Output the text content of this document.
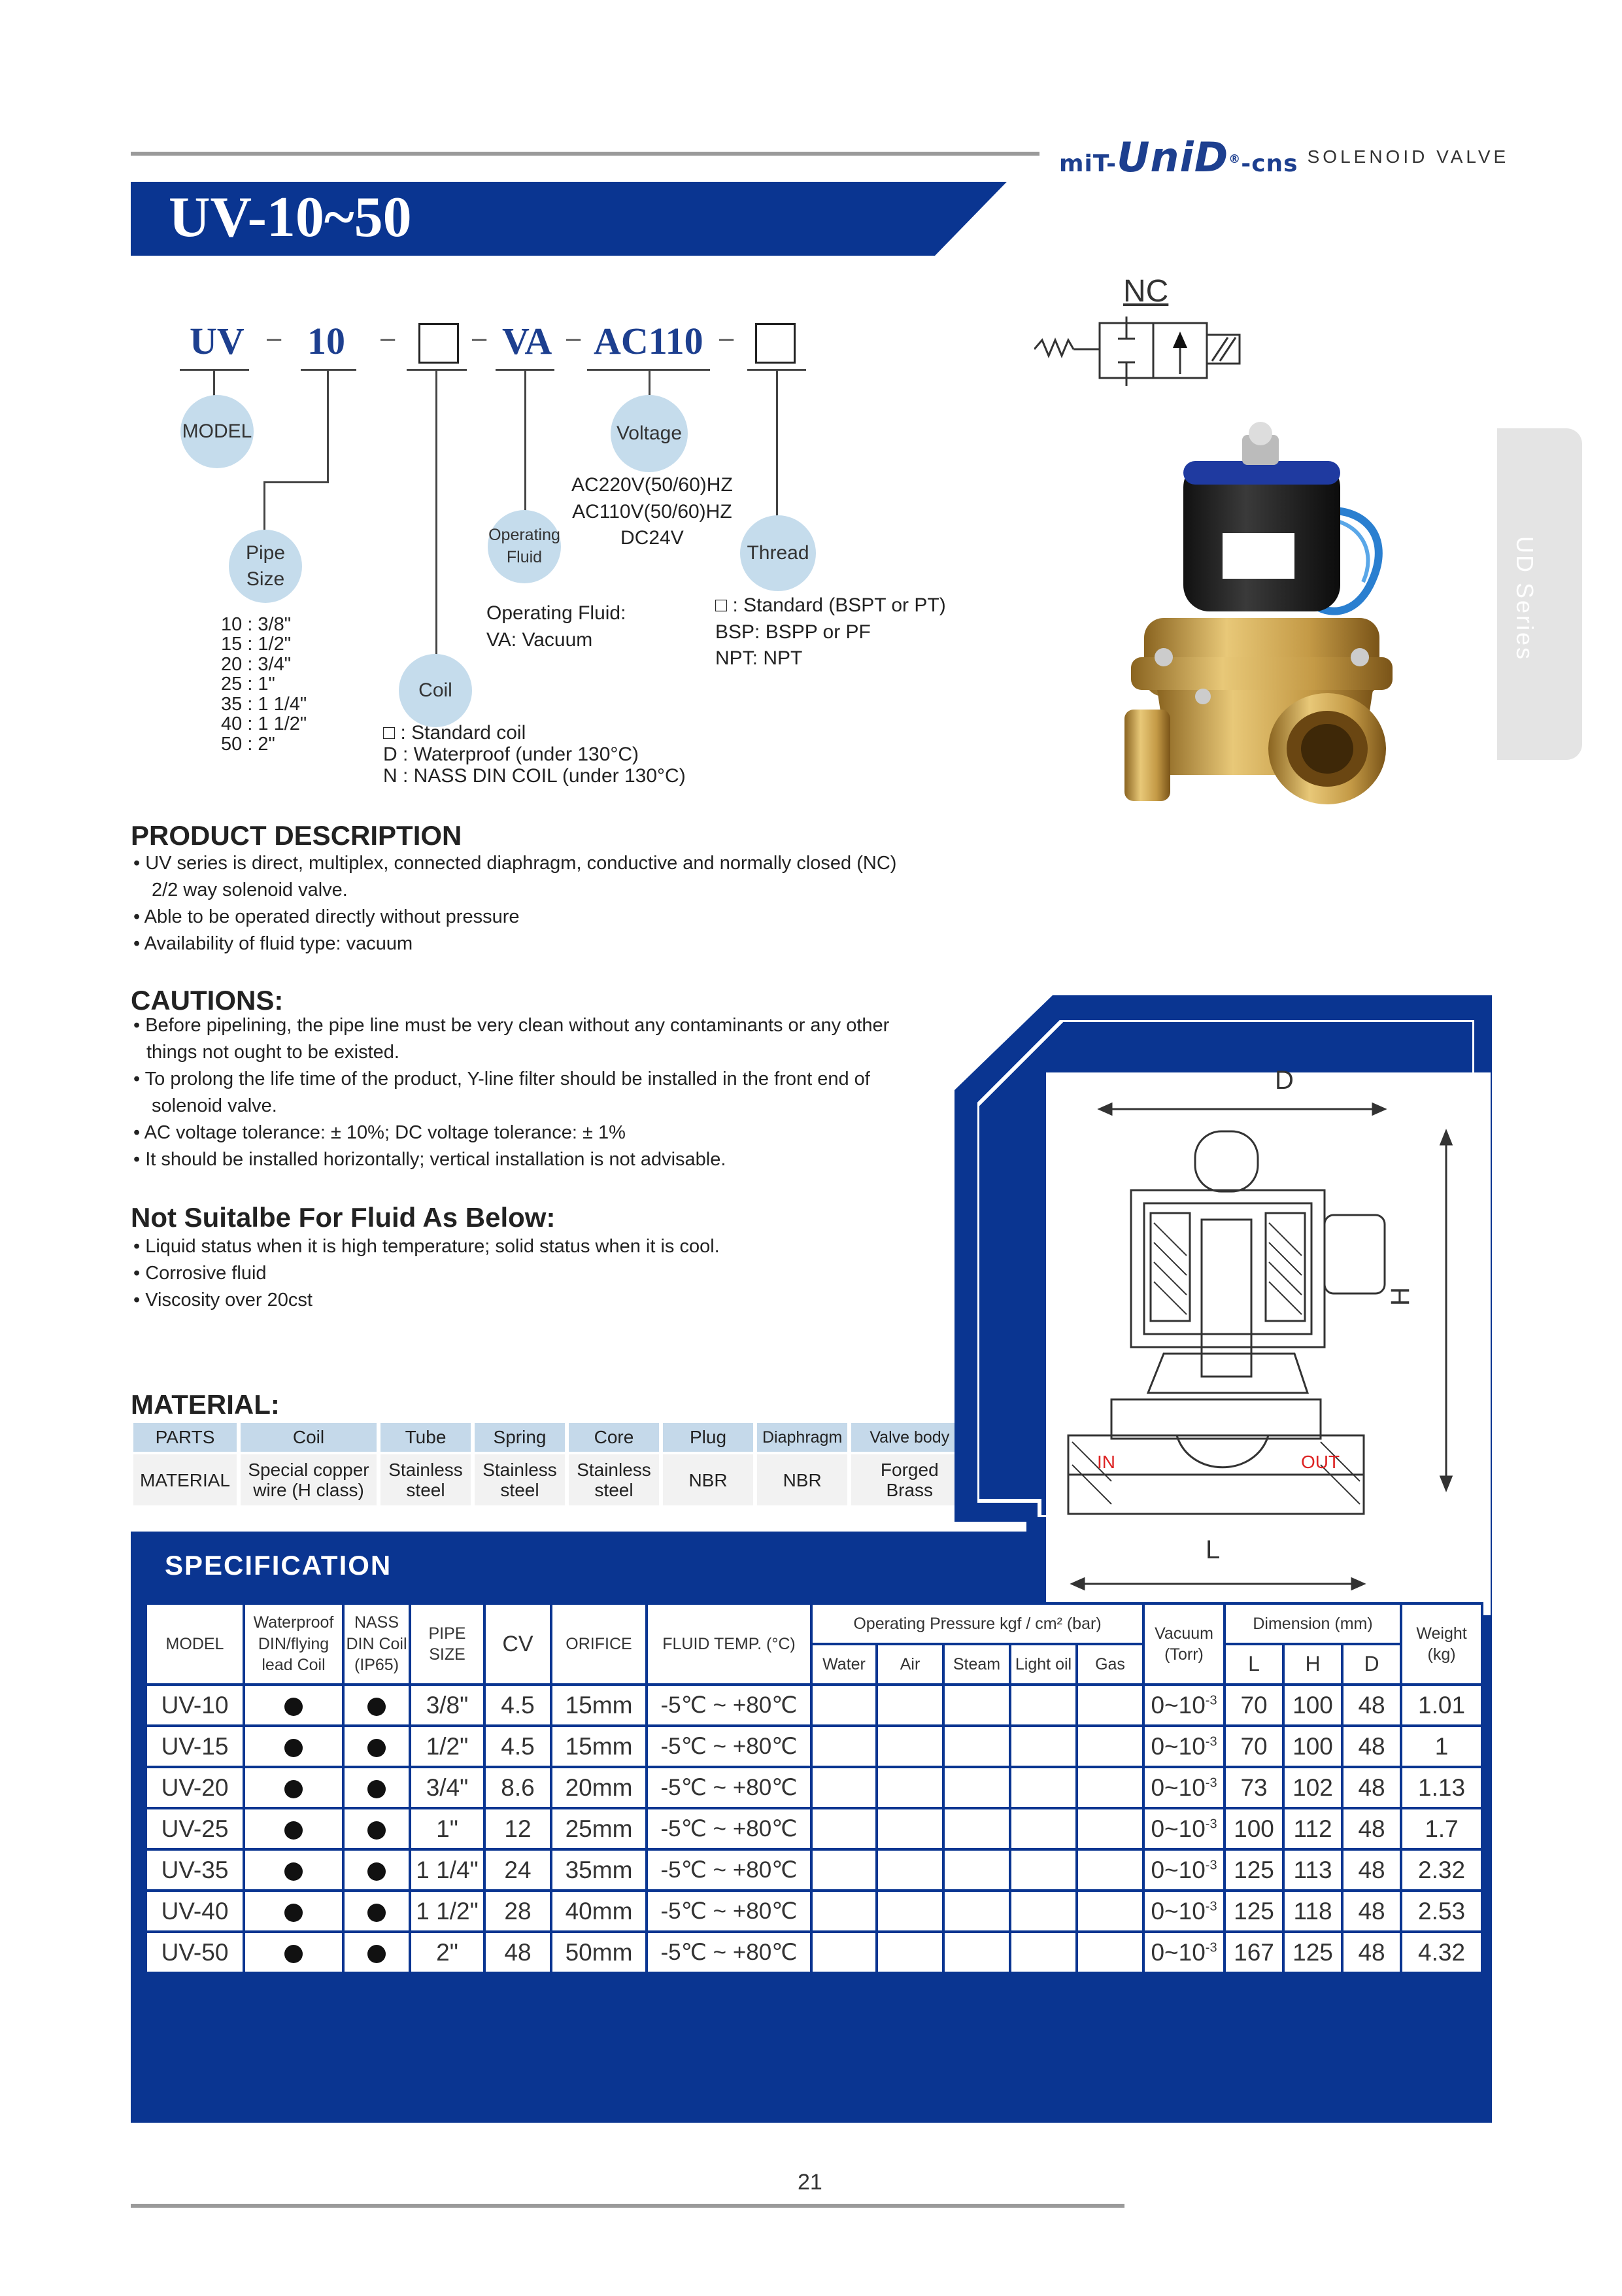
miT-UniD®-cns SOLENOID VALVE
UV-10~50
UD Series
UV – 10 –	– VA – AC110 –
MODEL
Pipe
Size
Operating
Fluid
Coil
Voltage
Thread
10 : 3/8"
15 : 1/2"
20 : 3/4"
25 : 1"
35 : 1 1/4"
40 : 1 1/2"
50 : 2"
Operating Fluid:
VA: Vacuum
AC220V(50/60)HZ
AC110V(50/60)HZ
DC24V
□ : Standard (BSPT or PT)
BSP: BSPP or PF
NPT: NPT
□ : Standard coil
D : Waterproof (under 130°C)
N : NASS DIN COIL (under 130°C)
NC
PRODUCT DESCRIPTION
• UV series is direct, multiplex, connected diaphragm, conductive and normally closed (NC)
2/2 way solenoid valve.
• Able to be operated directly without pressure
• Availability of fluid type: vacuum
CAUTIONS:
• Before pipelining, the pipe line must be very clean without any contaminants or any other
things not ought to be existed.
• To prolong the life time of the product, Y-line filter should be installed in the front end of
solenoid valve.
• AC voltage tolerance: ± 10%; DC voltage tolerance: ± 1%
• It should be installed horizontally; vertical installation is not advisable.
Not Suitalbe For Fluid As Below:
• Liquid status when it is high temperature; solid status when it is cool.
• Corrosive fluid
• Viscosity over 20cst
MATERIAL:
PARTS	Coil	Tube	Spring	Core	Plug	Diaphragm	Valve body
MATERIAL	Special copper wire (H class)	Stainless steel	Stainless steel	Stainless steel	NBR	NBR	Forged Brass
D
H
L
IN	OUT
SPECIFICATION
MODEL	Waterproof DIN/flying lead Coil	NASS DIN Coil (IP65)	PIPE SIZE	CV	ORIFICE	FLUID TEMP. (°C)	Operating Pressure kgf / cm² (bar)					Vacuum (Torr)	Dimension (mm)			Weight (kg)
							Water	Air	Steam	Light oil	Gas		L	H	D	
UV-10			3/8"	4.5	15mm	-5℃ ~ +80℃						$0\sim 10^{-3}$	70	100	48	1.01
UV-15			1/2"	4.5	15mm	-5℃ ~ +80℃						$0\sim 10^{-3}$	70	100	48	1
UV-20			3/4"	8.6	20mm	-5℃ ~ +80℃						$0\sim 10^{-3}$	73	102	48	1.13
UV-25			1"	12	25mm	-5℃ ~ +80℃						$0\sim 10^{-3}$	100	112	48	1.7
UV-35			1 1/4"	24	35mm	-5℃ ~ +80℃						$0\sim 10^{-3}$	125	113	48	2.32
UV-40			1 1/2"	28	40mm	-5℃ ~ +80℃						$0\sim 10^{-3}$	125	118	48	2.53
UV-50			2"	48	50mm	-5℃ ~ +80℃						$0\sim 10^{-3}$	167	125	48	4.32
21
